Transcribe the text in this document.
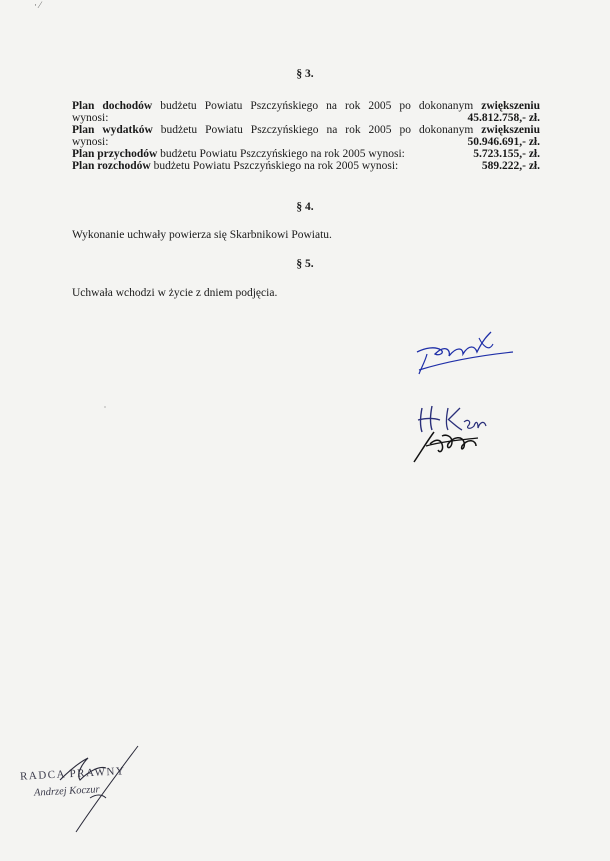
· ⁄
§ 3.
Plan dochodów budżetu Powiatu Pszczyńskiego na rok 2005 po dokonanym zwiększeniu
wynosi:	45.812.758,- zł.
Plan wydatków budżetu Powiatu Pszczyńskiego na rok 2005 po dokonanym zwiększeniu
wynosi:	50.946.691,- zł.
Plan przychodów budżetu Powiatu Pszczyńskiego na rok 2005 wynosi:	5.723.155,- zł.
Plan rozchodów budżetu Powiatu Pszczyńskiego na rok 2005 wynosi:	589.222,- zł.
§ 4.
Wykonanie uchwały powierza się Skarbnikowi Powiatu.
§ 5.
Uchwała wchodzi w życie z dniem podjęcia.
RADCA PRAWNY
Andrzej Koczur
